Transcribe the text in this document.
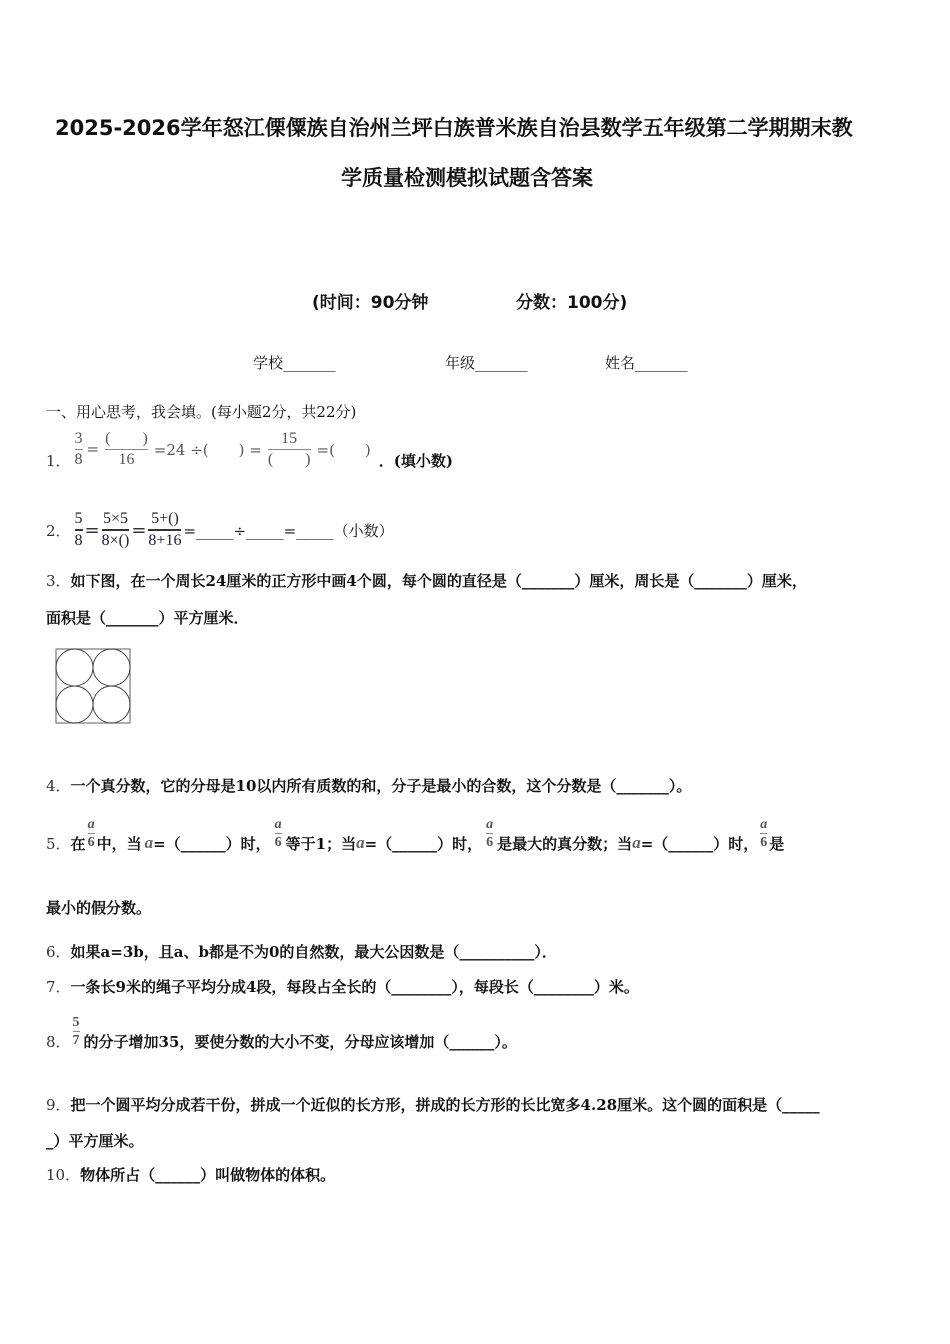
2025-2026学年怒江傈僳族自治州兰坪白族普米族自治县数学五年级第二学期期末教
学质量检测模拟试题含答案
(时间：90分钟	分数：100分)
学校_______	年级_______	姓名_______
一、用心思考，我会填。(每小题2分，共22分)
1． $\frac{3}{8} = \frac{( )}{16} =24$ ÷(　　) = $\frac{15}{( )}$ =(　　)
．(填小数)
2． $\frac{5}{8} = \frac{5\times 5}{8\times()} = \frac{5+()}{8+16}$ =_____÷_____=_____（小数）
3．如下图，在一个周长24厘米的正方形中画4个圆，每个圆的直径是（_______）厘米，周长是（_______）厘米，
面积是（_______）平方厘米．
4．一个真分数，它的分母是10以内所有质数的和，分子是最小的合数，这个分数是（_______）。
5． 在 $\frac{a}{6}$ 中，当 a =（______）时， $\frac{a}{6}$ 等于1；当 a =（______）时， $\frac{a}{6}$ 是最大的真分数；当 a =（______）时， $\frac{a}{6}$ 是
最小的假分数。
6．如果a=3b，且a、b都是不为0的自然数，最大公因数是（__________）．
7．一条长9米的绳子平均分成4段，每段占全长的（________），每段长（________）米。
8． $\frac{5}{7}$ 的分子增加35，要使分数的大小不变，分母应该增加（______）。
9．把一个圆平均分成若干份，拼成一个近似的长方形，拼成的长方形的长比宽多4.28厘米。这个圆的面积是（_____
_）平方厘米。
10．物体所占（______）叫做物体的体积。
